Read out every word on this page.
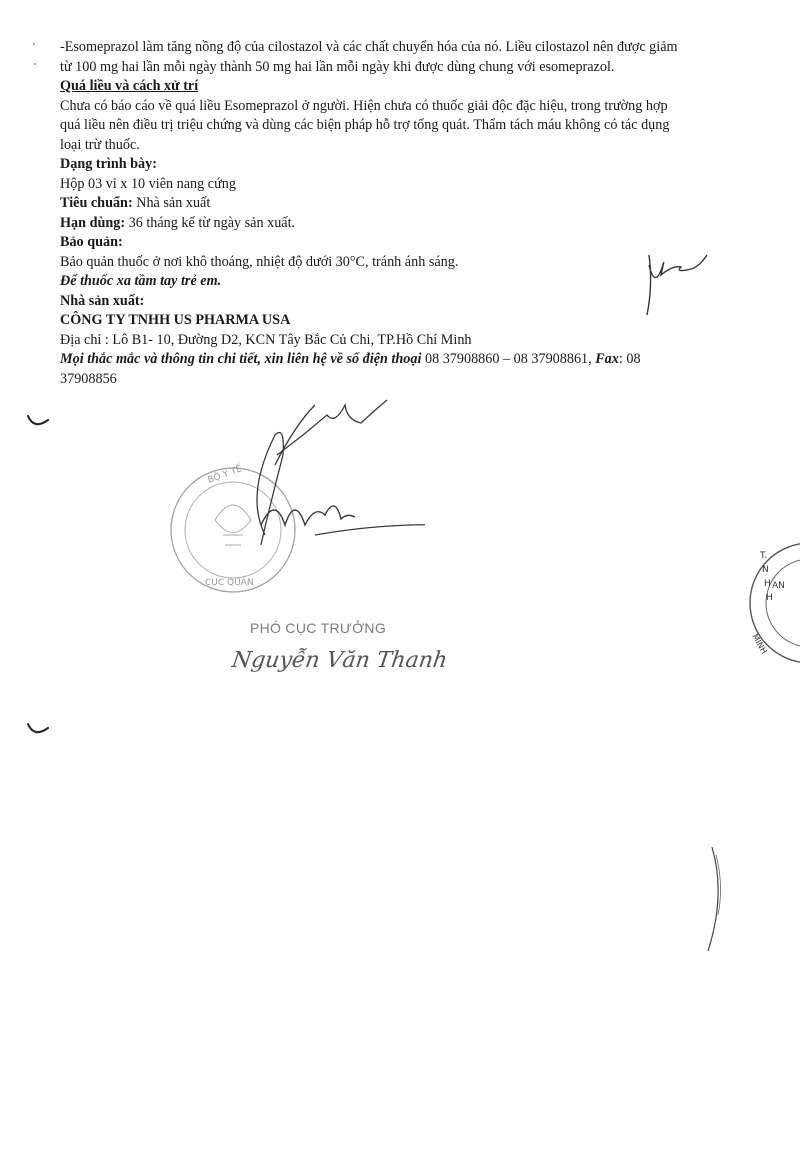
-Esomeprazol làm tăng nồng độ của cilostazol và các chất chuyển hóa của nó. Liều cilostazol nên được giảm

từ 100 mg hai lần mỗi ngày thành 50 mg hai lần mỗi ngày khi được dùng chung với esomeprazol.

Quá liều và cách xử trí

Chưa có báo cáo về quá liều Esomeprazol ở người. Hiện chưa có thuốc giải độc đặc hiệu, trong trường hợp

quá liều nên điều trị triệu chứng và dùng các biện pháp hỗ trợ tổng quát. Thẩm tách máu không có tác dụng

loại trừ thuốc.

Dạng trình bày:

Hộp 03 vỉ x 10 viên nang cứng

Tiêu chuẩn: Nhà sản xuất

Hạn dùng: 36 tháng kể từ ngày sản xuất.

Bảo quản:

Bảo quản thuốc ở nơi khô thoáng, nhiệt độ dưới 30°C, tránh ánh sáng.

Để thuốc xa tầm tay trẻ em.

Nhà sản xuất:

CÔNG TY TNHH US PHARMA USA

Địa chỉ : Lô B1- 10, Đường D2, KCN Tây Bắc Củ Chi, TP.Hồ Chí Minh

Mọi thắc mắc và thông tin chi tiết, xin liên hệ về số điện thoại 08 37908860 – 08 37908861, Fax: 08

37908856

BỘ Y TẾ
CỤC QUẢN
PHÓ CỤC TRƯỞNG
Nguyễn Văn Thanh
T.
N
H
H
AN
MINH
